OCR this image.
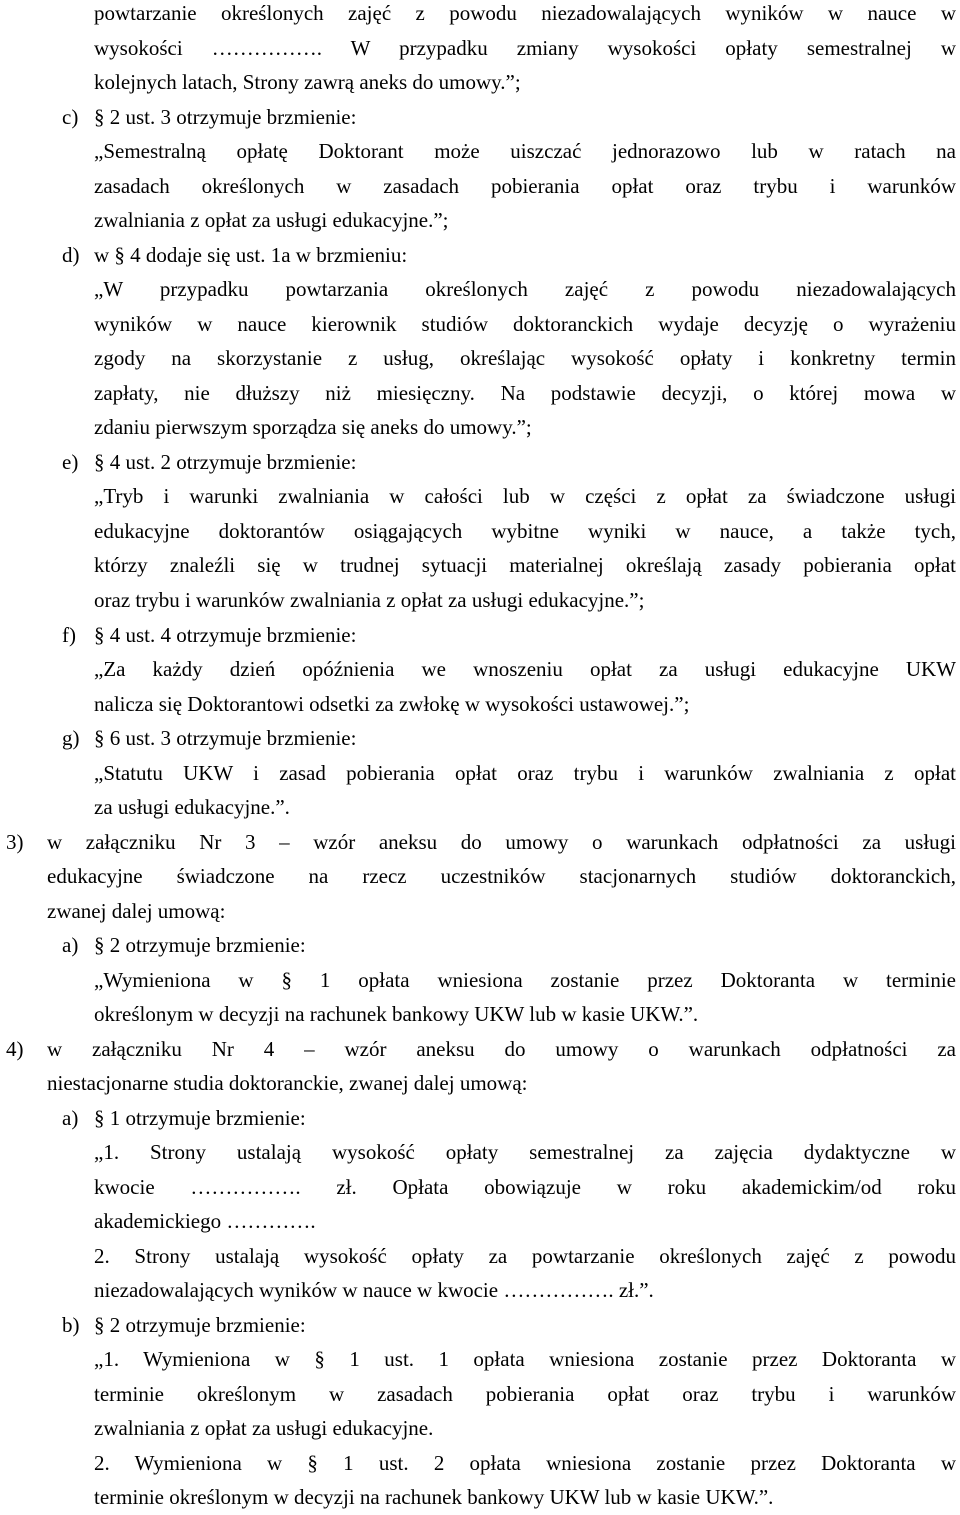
powtarzanie określonych zajęć z powodu niezadowalających wyników w nauce w
wysokości ……………. W przypadku zmiany wysokości opłaty semestralnej w
kolejnych latach, Strony zawrą aneks do umowy.”;
c) § 2 ust. 3 otrzymuje brzmienie:
„Semestralną opłatę Doktorant może uiszczać jednorazowo lub w ratach na
zasadach określonych w zasadach pobierania opłat oraz trybu i warunków
zwalniania z opłat za usługi edukacyjne.”;
d) w § 4 dodaje się ust. 1a w brzmieniu:
„W przypadku powtarzania określonych zajęć z powodu niezadowalających
wyników w nauce kierownik studiów doktoranckich wydaje decyzję o wyrażeniu
zgody na skorzystanie z usług, określając wysokość opłaty i konkretny termin
zapłaty, nie dłuższy niż miesięczny. Na podstawie decyzji, o której mowa w
zdaniu pierwszym sporządza się aneks do umowy.”;
e) § 4 ust. 2 otrzymuje brzmienie:
„Tryb i warunki zwalniania w całości lub w części z opłat za świadczone usługi
edukacyjne doktorantów osiągających wybitne wyniki w nauce, a także tych,
którzy znaleźli się w trudnej sytuacji materialnej określają zasady pobierania opłat
oraz trybu i warunków zwalniania z opłat za usługi edukacyjne.”;
f) § 4 ust. 4 otrzymuje brzmienie:
„Za każdy dzień opóźnienia we wnoszeniu opłat za usługi edukacyjne UKW
nalicza się Doktorantowi odsetki za zwłokę w wysokości ustawowej.”;
g) § 6 ust. 3 otrzymuje brzmienie:
„Statutu UKW i zasad pobierania opłat oraz trybu i warunków zwalniania z opłat
za usługi edukacyjne.”.
3) w załączniku Nr 3 – wzór aneksu do umowy o warunkach odpłatności za usługi
edukacyjne świadczone na rzecz uczestników stacjonarnych studiów doktoranckich,
zwanej dalej umową:
a) § 2 otrzymuje brzmienie:
„Wymieniona w § 1 opłata wniesiona zostanie przez Doktoranta w terminie
określonym w decyzji na rachunek bankowy UKW lub w kasie UKW.”.
4) w załączniku Nr 4 – wzór aneksu do umowy o warunkach odpłatności za
niestacjonarne studia doktoranckie, zwanej dalej umową:
a) § 1 otrzymuje brzmienie:
„1. Strony ustalają wysokość opłaty semestralnej za zajęcia dydaktyczne w
kwocie ……………. zł. Opłata obowiązuje w roku akademickim/od roku
akademickiego ………….
2. Strony ustalają wysokość opłaty za powtarzanie określonych zajęć z powodu
niezadowalających wyników w nauce w kwocie ……………. zł.”.
b) § 2 otrzymuje brzmienie:
„1. Wymieniona w § 1 ust. 1 opłata wniesiona zostanie przez Doktoranta w
terminie określonym w zasadach pobierania opłat oraz trybu i warunków
zwalniania z opłat za usługi edukacyjne.
2. Wymieniona w § 1 ust. 2 opłata wniesiona zostanie przez Doktoranta w
terminie określonym w decyzji na rachunek bankowy UKW lub w kasie UKW.”.
